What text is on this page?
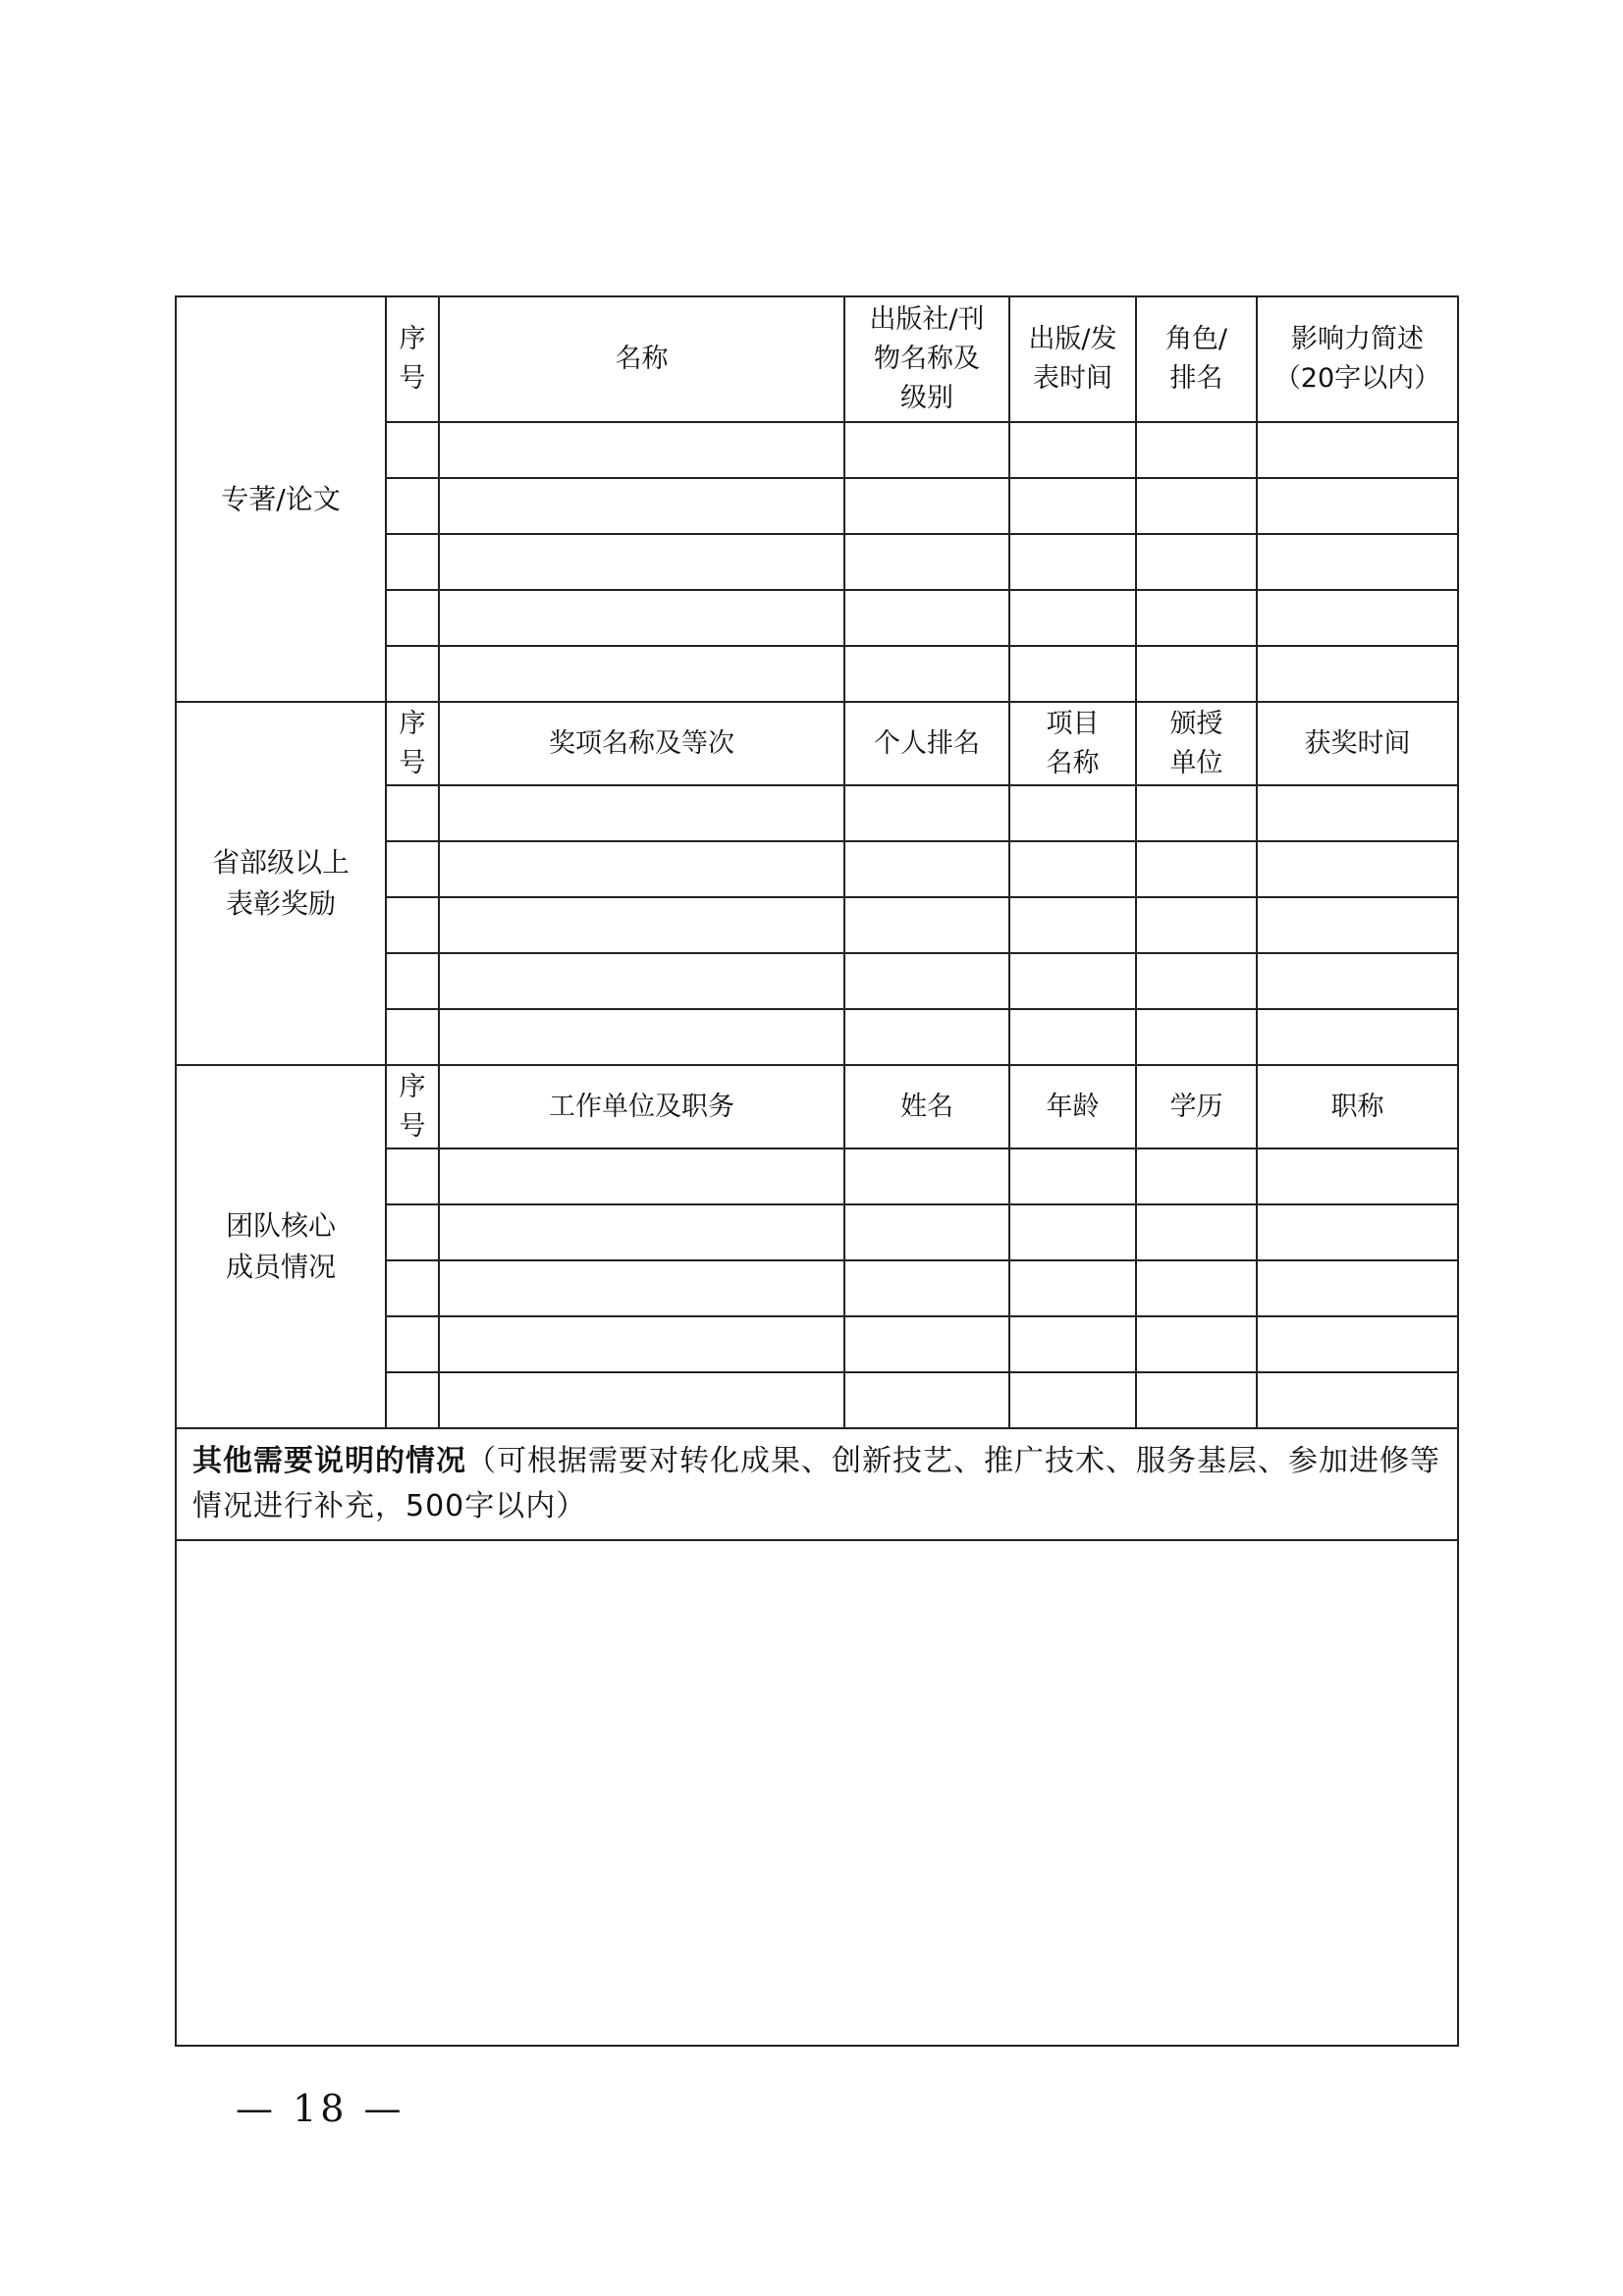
专著/论文	序号	名称	出版社/刊物名称及级别	出版/发表时间	角色/排名	影响力简述（20字以内）

省部级以上表彰奖励	序号	奖项名称及等次	个人排名	项目名称	颁授单位	获奖时间

团队核心成员情况	序号	工作单位及职务	姓名	年龄	学历	职称

其他需要说明的情况（可根据需要对转化成果、创新技艺、推广技术、服务基层、参加进修等情况进行补充，500字以内）						

— 18 —
